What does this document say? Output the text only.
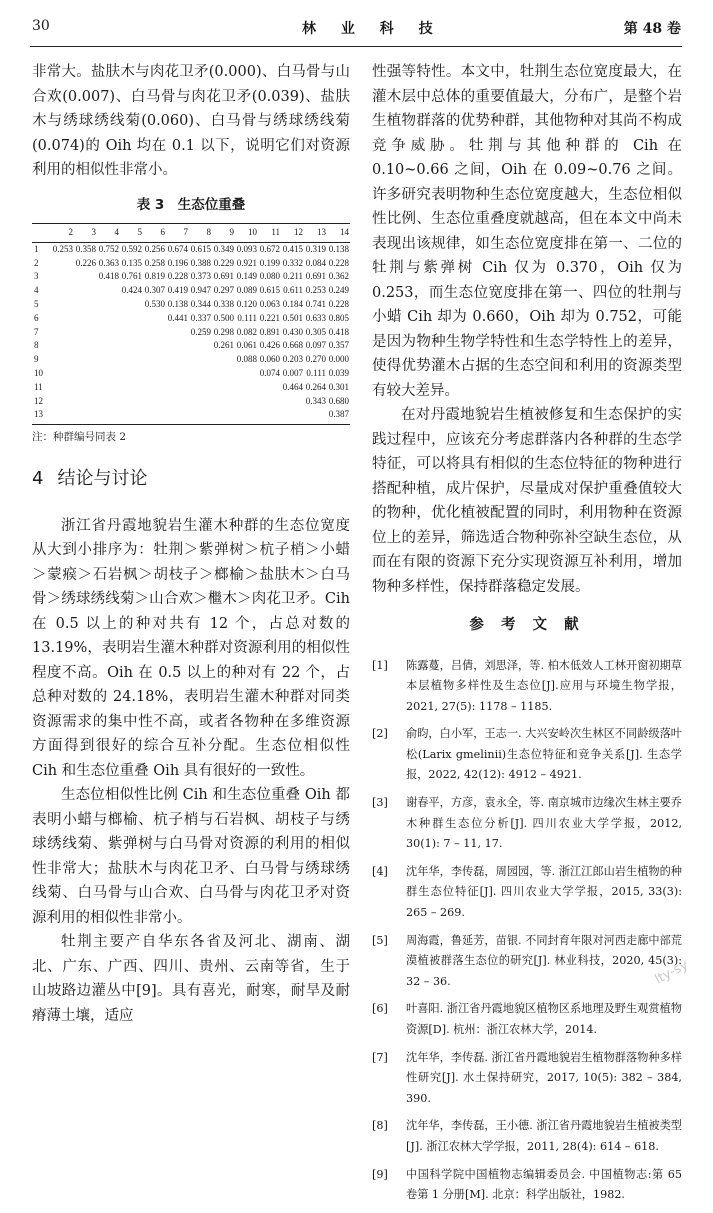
30	林 业 科 技	第 48 卷

非常大。盐肤木与肉花卫矛(0.000)、白马骨与山合欢(0.007)、白马骨与肉花卫矛(0.039)、盐肤木与绣球绣线菊(0.060)、白马骨与绣球绣线菊(0.074)的 Oih 均在 0.1 以下，说明它们对资源利用的相似性非常小。

表 3　生态位重叠
	2	3	4	5	6	7	8	9	10	11	12	13	14
1	0.253	0.358	0.752	0.592	0.256	0.674	0.615	0.349	0.093	0.672	0.415	0.319	0.138
2		0.226	0.363	0.135	0.258	0.196	0.388	0.229	0.921	0.199	0.332	0.084	0.228
3			0.418	0.761	0.819	0.228	0.373	0.691	0.149	0.080	0.211	0.691	0.362
4				0.424	0.307	0.419	0.947	0.297	0.089	0.615	0.611	0.253	0.249
5					0.530	0.138	0.344	0.338	0.120	0.063	0.184	0.741	0.228
6						0.441	0.337	0.500	0.111	0.221	0.501	0.633	0.805
7							0.259	0.298	0.082	0.891	0.430	0.305	0.418
8								0.261	0.061	0.426	0.668	0.097	0.357
9									0.088	0.060	0.203	0.270	0.000
10										0.074	0.007	0.111	0.039
11											0.464	0.264	0.301
12												0.343	0.680
13													0.387
注：种群编号同表 2
4 结论与讨论

浙江省丹霞地貌岩生灌木种群的生态位宽度从大到小排序为：牡荆＞紫弹树＞杭子梢＞小蜡＞蒙瘊＞石岩枫＞胡枝子＞榔榆＞盐肤木＞白马骨＞绣球绣线菊＞山合欢＞檵木＞肉花卫矛。Cih 在 0.5 以上的种对共有 12 个，占总对数的 13.19%，表明岩生灌木种群对资源利用的相似性程度不高。Oih 在 0.5 以上的种对有 22 个，占总种对数的 24.18%，表明岩生灌木种群对同类资源需求的集中性不高，或者各物种在多维资源方面得到很好的综合互补分配。生态位相似性 Cih 和生态位重叠 Oih 具有很好的一致性。

生态位相似性比例 Cih 和生态位重叠 Oih 都表明小蜡与榔榆、杭子梢与石岩枫、胡枝子与绣球绣线菊、紫弹树与白马骨对资源的利用的相似性非常大；盐肤木与肉花卫矛、白马骨与绣球绣线菊、白马骨与山合欢、白马骨与肉花卫矛对资源利用的相似性非常小。

牡荆主要产自华东各省及河北、湖南、湖北、广东、广西、四川、贵州、云南等省，生于山坡路边灌丛中[9]。具有喜光，耐寒，耐旱及耐瘠薄土壤，适应

性强等特性。本文中，牡荆生态位宽度最大，在灌木层中总体的重要值最大，分布广，是整个岩生植物群落的优势种群，其他物种对其尚不构成竞争威胁。牡荆与其他种群的 Cih 在 0.10~0.66 之间，Oih 在 0.09~0.76 之间。许多研究表明物种生态位宽度越大，生态位相似性比例、生态位重叠度就越高，但在本文中尚未表现出该规律，如生态位宽度排在第一、二位的牡荆与紫弹树 Cih 仅为 0.370，Oih 仅为 0.253，而生态位宽度排在第一、四位的牡荆与小蜡 Cih 却为 0.660，Oih 却为 0.752，可能是因为物种生物学特性和生态学特性上的差异，使得优势灌木占据的生态空间和利用的资源类型有较大差异。

在对丹霞地貌岩生植被修复和生态保护的实践过程中，应该充分考虑群落内各种群的生态学特征，可以将具有相似的生态位特征的物种进行搭配种植，成片保护，尽量成对保护重叠值较大的物种，优化植被配置的同时，利用物种在资源位上的差异，筛选适合物种弥补空缺生态位，从而在有限的资源下充分实现资源互补利用，增加物种多样性，保持群落稳定发展。

参 考 文 献
[1] 陈露蔓，吕倩，刘思泽，等. 柏木低效人工林开窗初期草本层植物多样性及生态位[J].应用与环境生物学报，2021, 27(5): 1178 – 1185.
[2] 俞昀，白小军，王志一. 大兴安岭次生林区不同龄级落叶松(Larix gmelinii)生态位特征和竞争关系[J]. 生态学报，2022, 42(12): 4912 – 4921.
[3] 谢春平，方彦，袁永全，等. 南京城市边缘次生林主要乔木种群生态位分析[J]. 四川农业大学学报，2012, 30(1): 7 – 11, 17.
[4] 沈年华，李传磊，周园园，等. 浙江江郎山岩生植物的种群生态位特征[J]. 四川农业大学学报，2015, 33(3): 265 – 269.
[5] 周海霞，鲁延芳，苗银. 不同封育年限对河西走廊中部荒漠植被群落生态位的研究[J]. 林业科技，2020, 45(3): 32 – 36.
[6] 叶喜阳. 浙江省丹霞地貌区植物区系地理及野生观赏植物资源[D]. 杭州：浙江农林大学，2014.
[7] 沈年华，李传磊. 浙江省丹霞地貌岩生植物群落物种多样性研究[J]. 水土保持研究，2017, 10(5): 382 – 384, 390.
[8] 沈年华，李传磊，王小德. 浙江省丹霞地貌岩生植被类型[J]. 浙江农林大学学报，2011, 28(4): 614 – 618.
[9] 中国科学院中国植物志编辑委员会. 中国植物志:第 65 卷第 1 分册[M]. 北京：科学出版社，1982.
lty-sy
